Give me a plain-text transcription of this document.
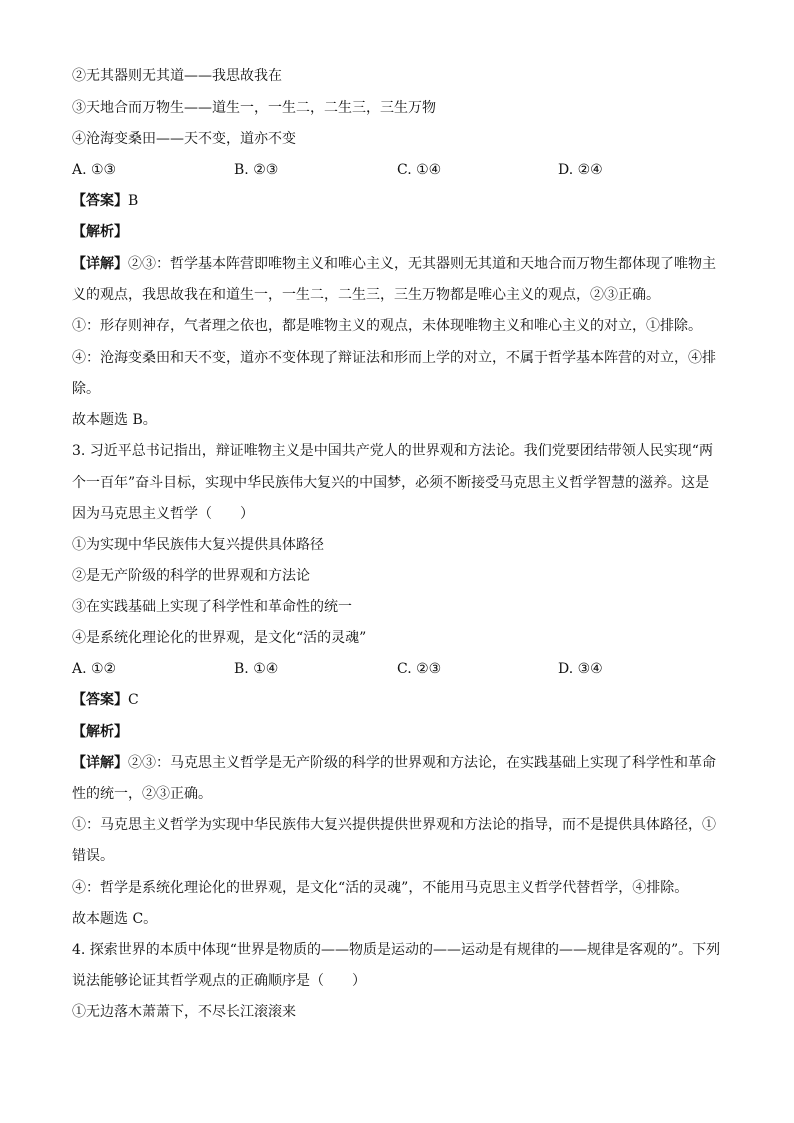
②无其器则无其道——我思故我在
③天地合而万物生——道生一，一生二，二生三，三生万物
④沧海变桑田——天不变，道亦不变
A. ①③	B. ②③	C. ①④	D. ②④
【答案】B
【解析】
【详解】②③：哲学基本阵营即唯物主义和唯心主义，无其器则无其道和天地合而万物生都体现了唯物主
义的观点，我思故我在和道生一，一生二，二生三，三生万物都是唯心主义的观点，②③正确。
①：形存则神存，气者理之依也，都是唯物主义的观点，未体现唯物主义和唯心主义的对立，①排除。
④：沧海变桑田和天不变，道亦不变体现了辩证法和形而上学的对立，不属于哲学基本阵营的对立，④排
除。
故本题选 B。
3. 习近平总书记指出，辩证唯物主义是中国共产党人的世界观和方法论。我们党要团结带领人民实现“两
个一百年”奋斗目标，实现中华民族伟大复兴的中国梦，必须不断接受马克思主义哲学智慧的滋养。这是
因为马克思主义哲学（　　）
①为实现中华民族伟大复兴提供具体路径
②是无产阶级的科学的世界观和方法论
③在实践基础上实现了科学性和革命性的统一
④是系统化理论化的世界观，是文化“活的灵魂”
A. ①②	B. ①④	C. ②③	D. ③④
【答案】C
【解析】
【详解】②③：马克思主义哲学是无产阶级的科学的世界观和方法论，在实践基础上实现了科学性和革命
性的统一，②③正确。
①：马克思主义哲学为实现中华民族伟大复兴提供提供世界观和方法论的指导，而不是提供具体路径，①
错误。
④：哲学是系统化理论化的世界观，是文化“活的灵魂”，不能用马克思主义哲学代替哲学，④排除。
故本题选 C。
4. 探索世界的本质中体现“世界是物质的——物质是运动的——运动是有规律的——规律是客观的”。下列
说法能够论证其哲学观点的正确顺序是（　　）
①无边落木萧萧下，不尽长江滚滚来
